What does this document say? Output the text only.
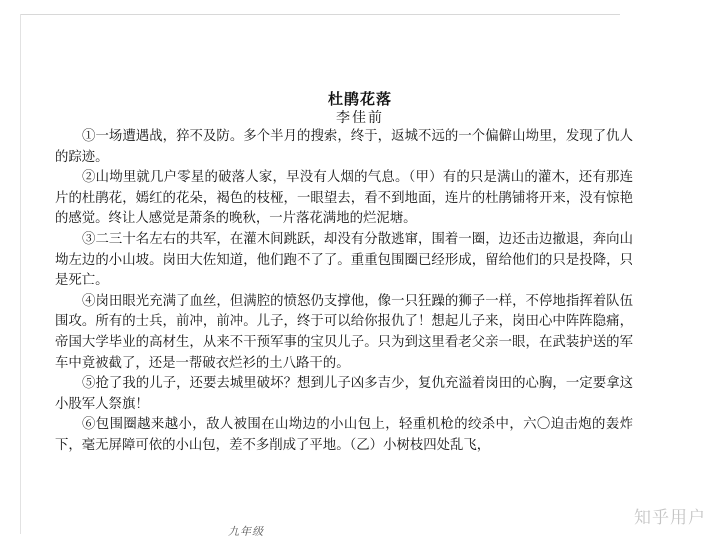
杜鹃花落
李佳前

①一场遭遇战，猝不及防。多个半月的搜索，终于，返城不远的一个偏僻山坳里，发现了仇人的踪迹。

②山坳里就几户零星的破落人家，早没有人烟的气息。（甲）有的只是满山的灌木，还有那连片的杜鹃花，嫣红的花朵，褐色的枝桠，一眼望去，看不到地面，连片的杜鹃铺将开来，没有惊艳的感觉。终让人感觉是萧条的晚秋，一片落花满地的烂泥塘。

③二三十名左右的共军，在灌木间跳跃，却没有分散逃窜，围着一圈，边还击边撤退，奔向山坳左边的小山坡。岗田大佐知道，他们跑不了了。重重包围圈已经形成，留给他们的只是投降，只是死亡。

④岗田眼光充满了血丝，但满腔的愤怒仍支撑他，像一只狂躁的狮子一样，不停地指挥着队伍围攻。所有的士兵，前冲，前冲。儿子，终于可以给你报仇了！想起儿子来，岗田心中阵阵隐痛，帝国大学毕业的高材生，从来不干预军事的宝贝儿子。只为到这里看老父亲一眼，在武装护送的军车中竟被截了，还是一帮破衣烂衫的土八路干的。

⑤抢了我的儿子，还要去城里破坏？想到儿子凶多吉少，复仇充溢着岗田的心胸，一定要拿这小股军人祭旗！

⑥包围圈越来越小，敌人被围在山坳边的小山包上，轻重机枪的绞杀中，六〇迫击炮的轰炸下，毫无屏障可依的小山包，差不多削成了平地。（乙）小树枝四处乱飞，

九年级
知乎用户
